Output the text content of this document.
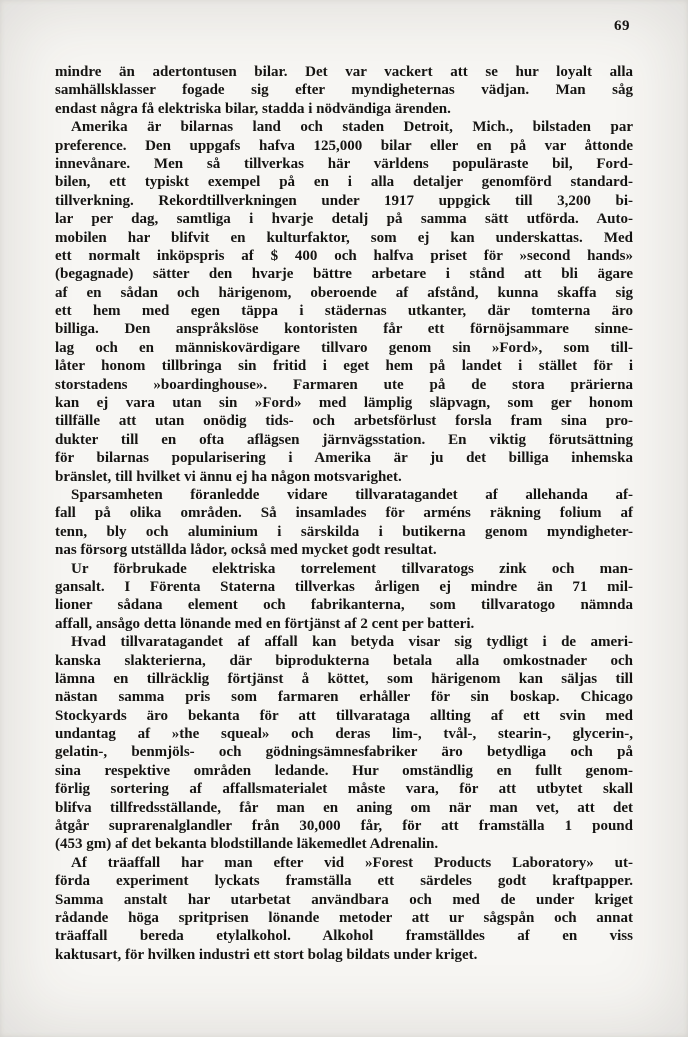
69
mindre än adertontusen bilar. Det var vackert att se hur loyalt alla
samhällsklasser fogade sig efter myndigheternas vädjan. Man såg
endast några få elektriska bilar, stadda i nödvändiga ärenden.
Amerika är bilarnas land och staden Detroit, Mich., bilstaden par
preference. Den uppgafs hafva 125,000 bilar eller en på var åttonde
innevånare. Men så tillverkas här världens populäraste bil, Ford-
bilen, ett typiskt exempel på en i alla detaljer genomförd standard-
tillverkning. Rekordtillverkningen under 1917 uppgick till 3,200 bi-
lar per dag, samtliga i hvarje detalj på samma sätt utförda. Auto-
mobilen har blifvit en kulturfaktor, som ej kan underskattas. Med
ett normalt inköpspris af $ 400 och halfva priset för »second hands»
(begagnade) sätter den hvarje bättre arbetare i stånd att bli ägare
af en sådan och härigenom, oberoende af afstånd, kunna skaffa sig
ett hem med egen täppa i städernas utkanter, där tomterna äro
billiga. Den anspråkslöse kontoristen får ett förnöjsammare sinne-
lag och en människovärdigare tillvaro genom sin »Ford», som till-
låter honom tillbringa sin fritid i eget hem på landet i stället för i
storstadens »boardinghouse». Farmaren ute på de stora prärierna
kan ej vara utan sin »Ford» med lämplig släpvagn, som ger honom
tillfälle att utan onödig tids- och arbetsförlust forsla fram sina pro-
dukter till en ofta aflägsen järnvägsstation. En viktig förutsättning
för bilarnas popularisering i Amerika är ju det billiga inhemska
bränslet, till hvilket vi ännu ej ha någon motsvarighet.
Sparsamheten föranledde vidare tillvaratagandet af allehanda af-
fall på olika områden. Så insamlades för arméns räkning folium af
tenn, bly och aluminium i särskilda i butikerna genom myndigheter-
nas försorg utställda lådor, också med mycket godt resultat.
Ur förbrukade elektriska torrelement tillvaratogs zink och man-
gansalt. I Förenta Staterna tillverkas årligen ej mindre än 71 mil-
lioner sådana element och fabrikanterna, som tillvaratogo nämnda
affall, ansågo detta lönande med en förtjänst af 2 cent per batteri.
Hvad tillvaratagandet af affall kan betyda visar sig tydligt i de ameri-
kanska slakterierna, där biprodukterna betala alla omkostnader och
lämna en tillräcklig förtjänst å köttet, som härigenom kan säljas till
nästan samma pris som farmaren erhåller för sin boskap. Chicago
Stockyards äro bekanta för att tillvarataga allting af ett svin med
undantag af »the squeal» och deras lim-, tvål-, stearin-, glycerin-,
gelatin-, benmjöls- och gödningsämnesfabriker äro betydliga och på
sina respektive områden ledande. Hur omständlig en fullt genom-
förlig sortering af affallsmaterialet måste vara, för att utbytet skall
blifva tillfredsställande, får man en aning om när man vet, att det
åtgår suprarenalglandler från 30,000 får, för att framställa 1 pound
(453 gm) af det bekanta blodstillande läkemedlet Adrenalin.
Af träaffall har man efter vid »Forest Products Laboratory» ut-
förda experiment lyckats framställa ett särdeles godt kraftpapper.
Samma anstalt har utarbetat användbara och med de under kriget
rådande höga spritprisen lönande metoder att ur sågspån och annat
träaffall bereda etylalkohol. Alkohol framställdes af en viss
kaktusart, för hvilken industri ett stort bolag bildats under kriget.
